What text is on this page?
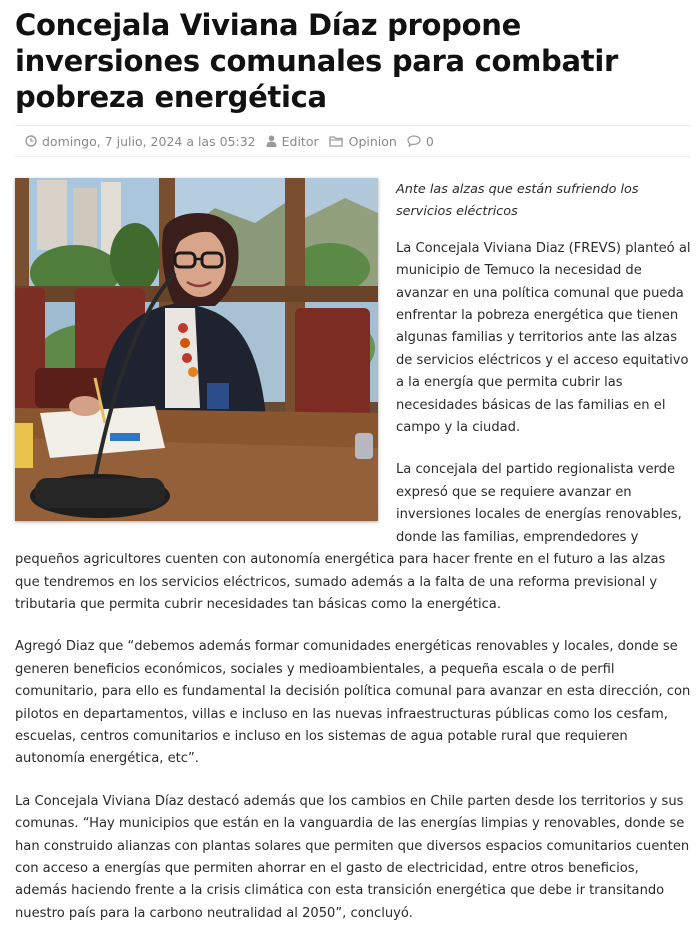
Concejala Viviana Díaz propone inversiones comunales para combatir pobreza energética
domingo, 7 julio, 2024 a las 05:32 Editor Opinion 0

Ante las alzas que están sufriendo los servicios eléctricos

La Concejala Viviana Diaz (FREVS) planteó al municipio de Temuco la necesidad de avanzar en una política comunal que pueda enfrentar la pobreza energética que tienen algunas familias y territorios ante las alzas de servicios eléctricos y el acceso equitativo a la energía que permita cubrir las necesidades básicas de las familias en el campo y la ciudad.

La concejala del partido regionalista verde expresó que se requiere avanzar en inversiones locales de energías renovables, donde las familias, emprendedores y pequeños agricultores cuenten con autonomía energética para hacer frente en el futuro a las alzas que tendremos en los servicios eléctricos, sumado además a la falta de una reforma previsional y tributaria que permita cubrir necesidades tan básicas como la energética.

Agregó Diaz que “debemos además formar comunidades energéticas renovables y locales, donde se generen beneficios económicos, sociales y medioambientales, a pequeña escala o de perfil comunitario, para ello es fundamental la decisión política comunal para avanzar en esta dirección, con pilotos en departamentos, villas e incluso en las nuevas infraestructuras públicas como los cesfam, escuelas, centros comunitarios e incluso en los sistemas de agua potable rural que requieren autonomía energética, etc”.

La Concejala Viviana Díaz destacó además que los cambios en Chile parten desde los territorios y sus comunas. “Hay municipios que están en la vanguardia de las energías limpias y renovables, donde se han construido alianzas con plantas solares que permiten que diversos espacios comunitarios cuenten con acceso a energías que permiten ahorrar en el gasto de electricidad, entre otros beneficios, además haciendo frente a la crisis climática con esta transición energética que debe ir transitando nuestro país para la carbono neutralidad al 2050”, concluyó.
